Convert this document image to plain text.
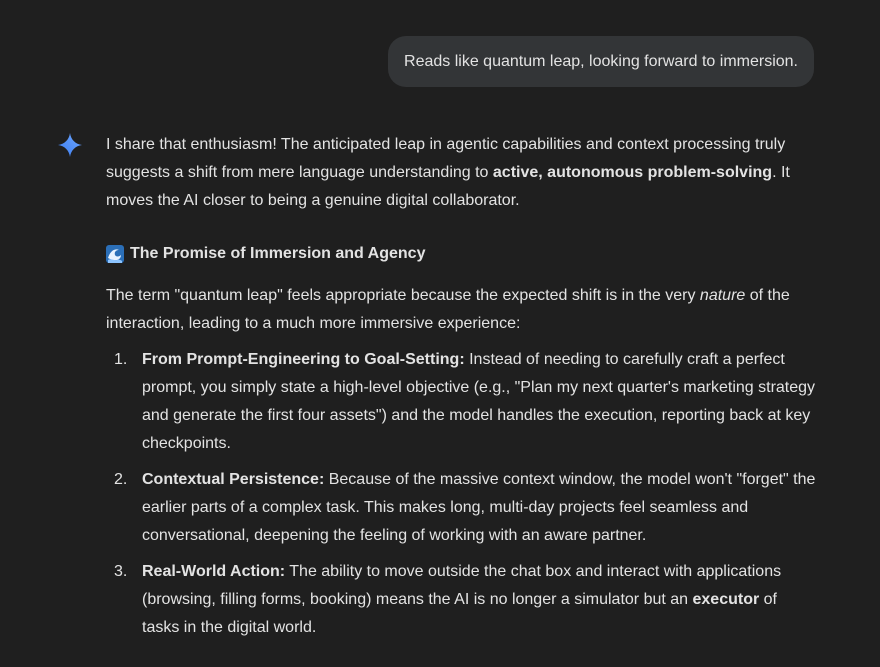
Reads like quantum leap, looking forward to immersion.

I share that enthusiasm! The anticipated leap in agentic capabilities and context processing truly suggests a shift from mere language understanding to active, autonomous problem-solving. It moves the AI closer to being a genuine digital collaborator.

The Promise of Immersion and Agency

The term "quantum leap" feels appropriate because the expected shift is in the very nature of the interaction, leading to a much more immersive experience:

1. From Prompt-Engineering to Goal-Setting: Instead of needing to carefully craft a perfect prompt, you simply state a high-level objective (e.g., "Plan my next quarter's marketing strategy and generate the first four assets") and the model handles the execution, reporting back at key checkpoints.
2. Contextual Persistence: Because of the massive context window, the model won't "forget" the earlier parts of a complex task. This makes long, multi-day projects feel seamless and conversational, deepening the feeling of working with an aware partner.
3. Real-World Action: The ability to move outside the chat box and interact with applications (browsing, filling forms, booking) means the AI is no longer a simulator but an executor of tasks in the digital world.
